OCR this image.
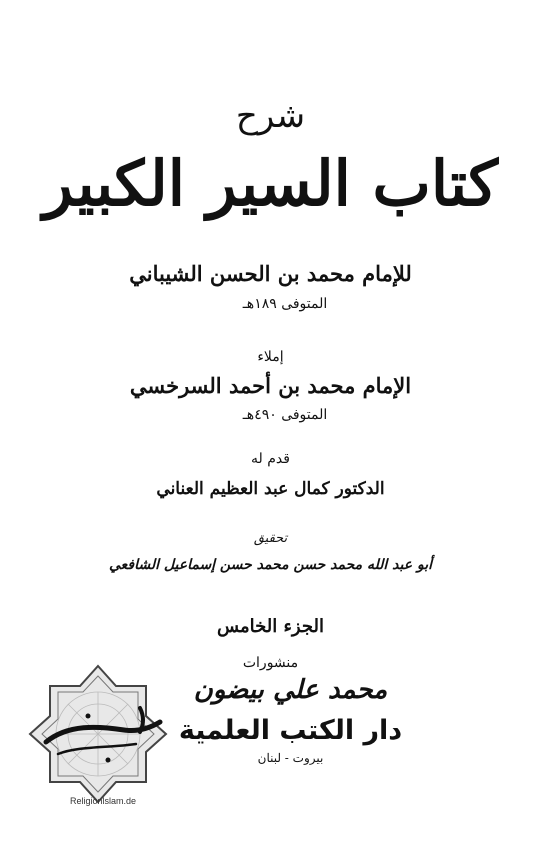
شرح
كتاب السير الكبير
للإمام محمد بن الحسن الشيباني
المتوفى ١٨٩هـ
إملاء
الإمام محمد بن أحمد السرخسي
المتوفى ٤٩٠هـ
قدم له
الدكتور كمال عبد العظيم العناني
تحقيق
أبو عبد الله محمد حسن محمد حسن إسماعيل الشافعي
الجزء الخامس
منشورات
محمد علي بيضون
دار الكتب العلمية
بيروت - لبنان
Religionlslam.de
